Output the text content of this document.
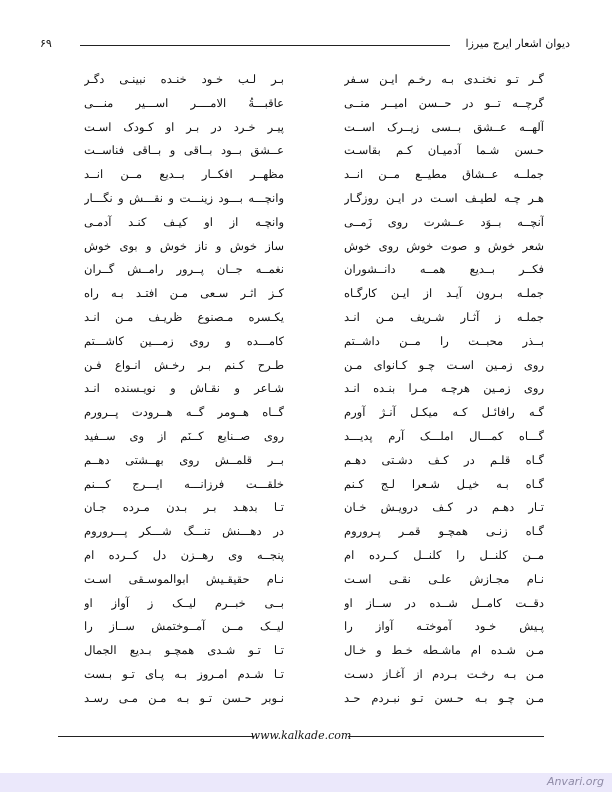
دیوان اشعار ایرج میرزا
۶۹
گـر تـو نخنـدی بـه رخـم ایـن سـفر
گرچــه تــو در حــسن امیــر منــی
آلهــه عــشق بــسی زیــرک اســت
حـسن شـما آدمیـان كـم بقاسـت
جملــه عــشاق مطیــع مــن انــد
هـر چـه لطیـف اسـت در ایـن روزگـار
آنچــه بــوَد عــشرت روی زَمــی
شعر خوش و صوت خوش روی خوش
فكــر بــديع همــه دانــشوران
جملـه بـرون آيـد از ايـن كارگـاه
جملـه ز آثـار شـريف مـن انـد
بــذر محبــت را مــن داشــتم
روی زمـین اسـت چـو كـانوای مـن
روی زمـین هرچـه مـرا بنـده انـد
گـه رافائـل كـه ميكـل آنـژ آورم
گـــاه كمـــال املـــک آرم پديـــد
گـاه قلـم در كـف دشـتی دهـم
گـاه بـه خيـل شـعرا لـج كـنم
تـار دهـم در كـف درويـش خـان
گـاه زنـی همچـو قمـر پـروروم
مــن كلنــل را كلنــل كــرده ام
نـام مجـازش علـی نقـی اسـت
دقــت كامــل شــده در ســاز او
پـيش خـود آموختـه آواز را
مـن شـده ام ماشـطه خـط و خـال
مـن بـه رخـت بـردم از آغـاز دسـت
مـن چـو بـه حـسن تـو نبـردم حـد
بـر لـب خـود خنـده نبينـی دگـر
عاقبـــةُ الامــــر اســـير منـــی
پيـر خـرد در بـر او كـودک اسـت
عــشق بــود بــاقی و بــاقی فناســت
مظهــر افكــار بــديع مــن انــد
وانچـــه بـــود زينـــت و نقـــش و نگـــار
وانچـه از او كيـف كنـد آدمـی
ساز خوش و ناز خوش و بوی خوش
نغمــه جــان پــرور رامــش گــران
كـز اثـر سـعی مـن افتـد بـه راه
يكـسره مـصنوع ظريـف مـن انـد
كامـــده و روی زمـــين كاشـــتم
طـرح كـنم بـر رخـش انـواع فـن
شـاعر و نقـاش و نويـسنده انـد
گــاه هــومر گــه هــرودت پــرورم
روی صــنايع كــنَم از وی ســفيد
بــر قلمــش روی بهــشتی دهــم
خلقـــت فرزانـــه ايـــرج كـــنم
تـا بدهـد بـر بـدن مـرده جـان
در دهـــنش تنـــگ شـــكر پـــروروم
پنجــه وی رهــزن دل كــرده ام
نـام حقيقـيش ابوالموسـقی اسـت
بــی خبــرم ليــک ز آواز او
ليــک مــن آمــوختمش ســاز را
تـا تـو شـدی همچـو بـديع الجمال
تـا شـدم امـروز بـه پـای تـو بـست
نـوبر حـسن تـو بـه مـن مـی رسـد
www.kalkade.com
Anvari.org
